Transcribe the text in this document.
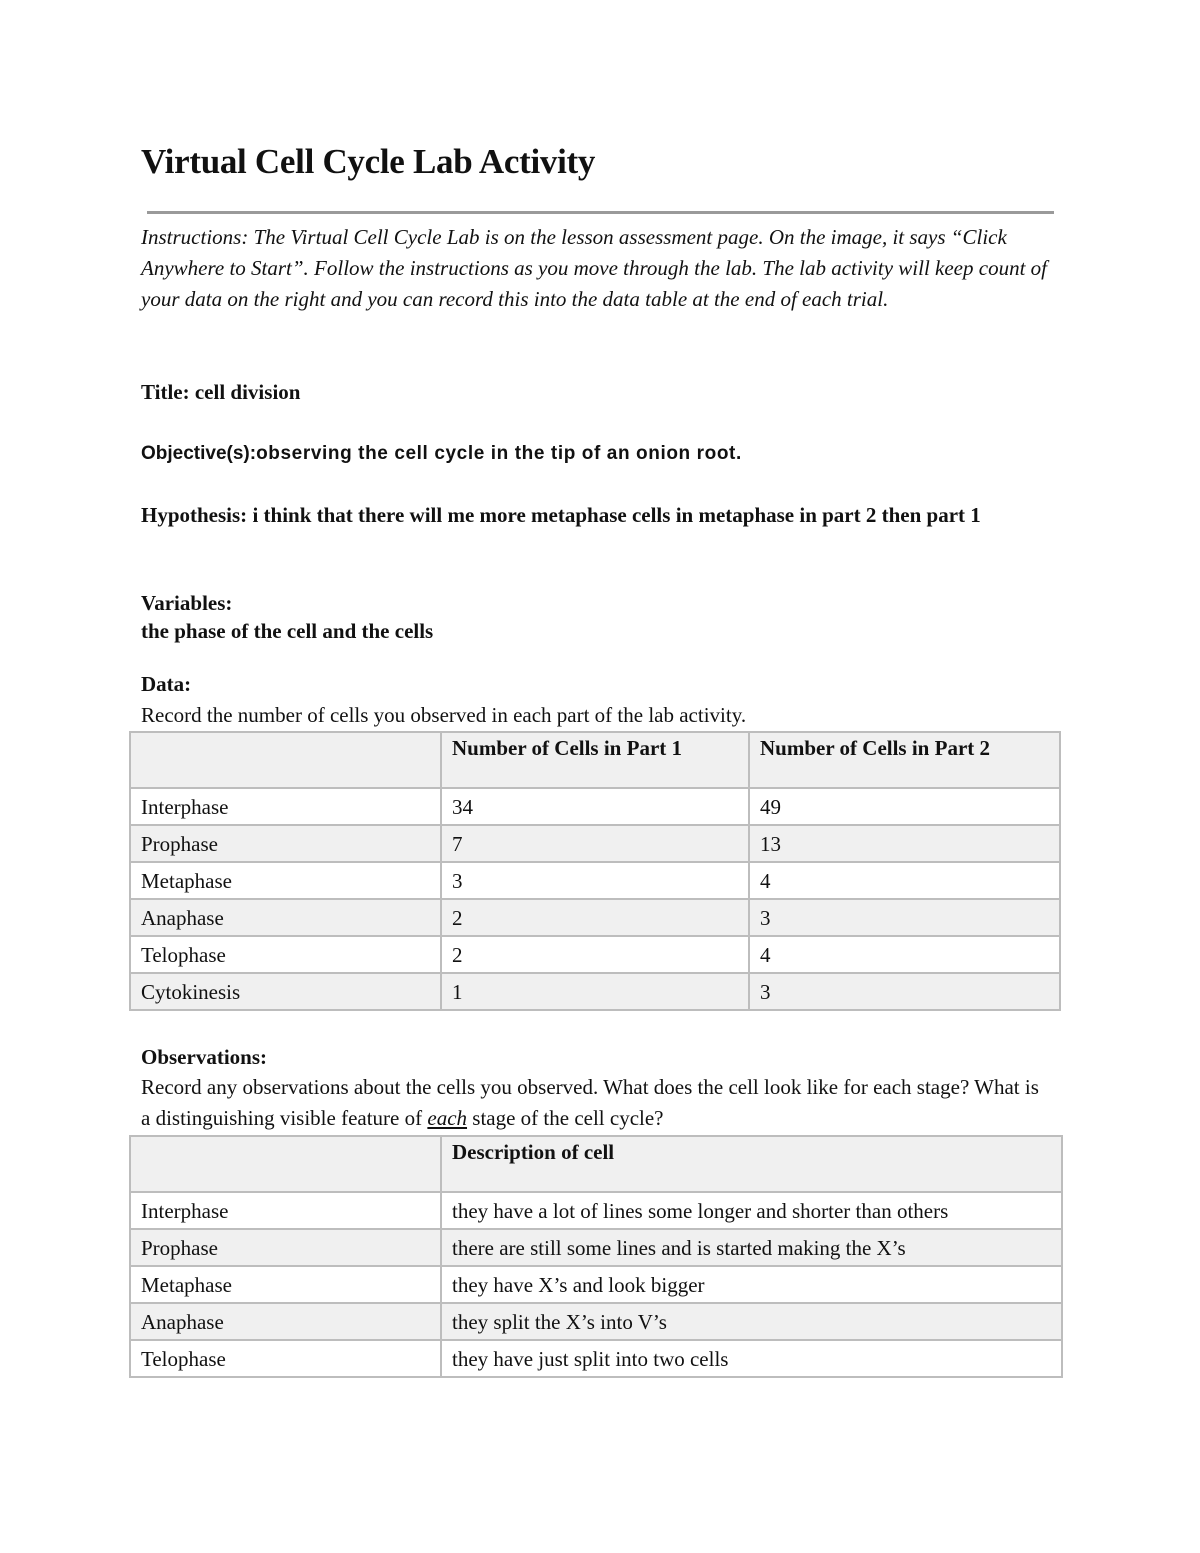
Virtual Cell Cycle Lab Activity

Instructions: The Virtual Cell Cycle Lab is on the lesson assessment page. On the image, it says “Click Anywhere to Start”. Follow the instructions as you move through the lab. The lab activity will keep count of your data on the right and you can record this into the data table at the end of each trial.

Title: cell division

Objective(s):observing the cell cycle in the tip of an onion root.

Hypothesis: i think that there will me more metaphase cells in metaphase in part 2 then part 1

Variables:

the phase of the cell and the cells

Data:

Record the number of cells you observed in each part of the lab activity.

	Number of Cells in Part 1	Number of Cells in Part 2
Interphase	34	49
Prophase	7	13
Metaphase	3	4
Anaphase	2	3
Telophase	2	4
Cytokinesis	1	3

Observations:

Record any observations about the cells you observed. What does the cell look like for each stage? What is a distinguishing visible feature of each stage of the cell cycle?

	Description of cell
Interphase	they have a lot of lines some longer and shorter than others
Prophase	there are still some lines and is started making the X’s
Metaphase	they have X’s and look bigger
Anaphase	they split the X’s into V’s
Telophase	they have just split into two cells
